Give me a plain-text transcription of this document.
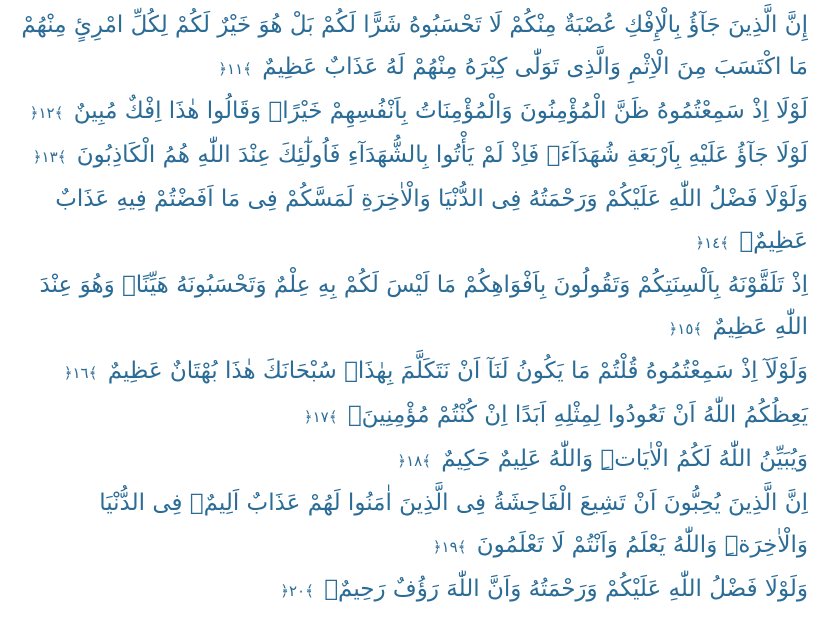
إِنَّ الَّذِينَ جَآؤُ بِالْإِفْكِ عُصْبَةٌ مِنْكُمْ لَا تَحْسَبُوهُ شَرًّا لَكُمْ بَلْ هُوَ خَيْرٌ لَكُمْ لِكُلِّ امْرِئٍ مِنْهُمْ مَا اكْتَسَبَ مِنَ الْاِثْمِ وَالَّذِى تَوَلّٰى كِبْرَهُ مِنْهُمْ لَهُ عَذَابٌ عَظِيمٌ ﴿١١﴾

لَوْلَا اِذْ سَمِعْتُمُوهُ ظَنَّ الْمُؤْمِنُونَ وَالْمُؤْمِنَاتُ بِاَنْفُسِهِمْ خَيْرًاۙ وَقَالُوا هٰذَا اِفْكٌ مُبِينٌ ﴿١٢﴾

لَوْلَا جَآؤُ عَلَيْهِ بِاَرْبَعَةِ شُهَدَآءَۚ فَاِذْ لَمْ يَأْتُوا بِالشُّهَدَآءِ فَاُولٰٓئِكَ عِنْدَ اللّٰهِ هُمُ الْكَاذِبُونَ ﴿١٣﴾

وَلَوْلَا فَضْلُ اللّٰهِ عَلَيْكُمْ وَرَحْمَتُهُ فِى الدُّنْيَا وَالْاٰخِرَةِ لَمَسَّكُمْ فِى مَا اَفَضْتُمْ فِيهِ عَذَابٌ عَظِيمٌۚ ﴿١٤﴾

اِذْ تَلَقَّوْنَهُ بِاَلْسِنَتِكُمْ وَتَقُولُونَ بِاَفْوَاهِكُمْ مَا لَيْسَ لَكُمْ بِهِ عِلْمٌ وَتَحْسَبُونَهُ هَيِّنًاۗ وَهُوَ عِنْدَ اللّٰهِ عَظِيمٌ ﴿١٥﴾

وَلَوْلَآ اِذْ سَمِعْتُمُوهُ قُلْتُمْ مَا يَكُونُ لَنَآ اَنْ نَتَكَلَّمَ بِهٰذَاۗ سُبْحَانَكَ هٰذَا بُهْتَانٌ عَظِيمٌ ﴿١٦﴾

يَعِظُكُمُ اللّٰهُ اَنْ تَعُودُوا لِمِثْلِهِ اَبَدًا اِنْ كُنْتُمْ مُؤْمِنِينَۚ ﴿١٧﴾

وَيُبَيِّنُ اللّٰهُ لَكُمُ الْاٰيَاتِۜ وَاللّٰهُ عَلِيمٌ حَكِيمٌ ﴿١٨﴾

اِنَّ الَّذِينَ يُحِبُّونَ اَنْ تَشِيعَ الْفَاحِشَةُ فِى الَّذِينَ اٰمَنُوا لَهُمْ عَذَابٌ اَلِيمٌۙ فِى الدُّنْيَا وَالْاٰخِرَةِۜ وَاللّٰهُ يَعْلَمُ وَاَنْتُمْ لَا تَعْلَمُونَ ﴿١٩﴾

وَلَوْلَا فَضْلُ اللّٰهِ عَلَيْكُمْ وَرَحْمَتُهُ وَاَنَّ اللّٰهَ رَؤُفٌ رَحِيمٌۚ ﴿٢٠﴾
